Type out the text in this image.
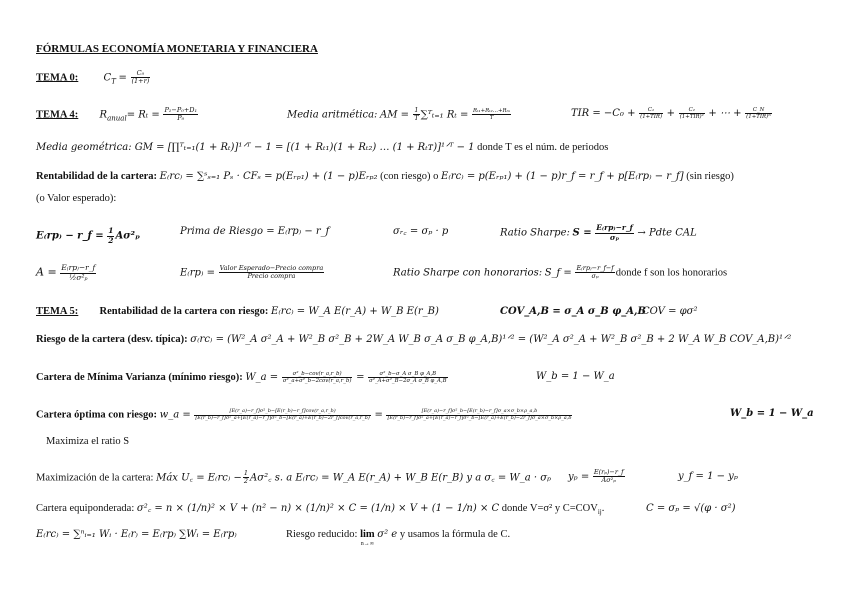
FÓRMULAS ECONOMÍA MONETARIA Y FINANCIERA
TEMA 0:	$C_T = \frac{\text{C₀}}{(1+r)}$
TEMA 4: $R_{anual}= R_t = \frac{\text{P₁−P₀+D₁}}{\text{P₀}}$	Media aritmética: AM = $\frac{1}{T}$ ∑ᵀₜ₌₁ $R_t = \frac{\text{Rₜ₁+Rₜ₂…+Rₜₙ}}{T}$	TIR = $-C_0 + \frac{\text{C₁}}{\text{(1+TIR)}} + \frac{\text{C₂}}{\text{(1+TIR)²}}$ + ⋯ + $\frac{C\_N}{\text{(1+TIR)ᴺ}}$
Media geométrica: GM = [∏ᵀₜ₌₁(1 + Rₜ)]¹ᐟᵀ − 1 = [(1 + Rₜ₁)(1 + Rₜ₂) … (1 + Rₜᴛ)]¹ᐟᵀ − 1 donde T es el núm. de periodos
Rentabilidad de la cartera: E₍rc₎ = ∑ˢₛ₌₁ Pₛ · CFₛ = p(Eᵣₚ₁) + (1 − p)Eᵣₚ₂ (con riesgo) o E₍rc₎ = p(Eᵣₚ₁) + (1 − p)r_f = r_f + p[E₍rp₎ − r_f] (sin riesgo)
(o Valor esperado):
E₍rp₎ − r_f = $\frac{1}{2} A\sigma^2_p$	Prima de Riesgo = E₍rp₎ − r_f	σᵣ꜀ = σₚ · p	Ratio Sharpe: $S = \frac{E_(rp_)-r\_f}{\text{σₚ}}$ → Pdte CAL
$A = \frac{E_(rp_)-r\_f}{\text{½σ²ₚ}}$	$E_(rp_) = \frac{\text{Valor Esperado−Precio compra}}{\text{Precio compra}}$	Ratio Sharpe con honorarios: S_f = $\frac{E_(rp_)-r\_f-f}{\text{σₚ}}$ donde f son los honorarios
TEMA 5: Rentabilidad de la cartera con riesgo: E₍rc₎ = W_A E(r_A) + W_B E(r_B)	COV_A,B = σ_A σ_B φ_A,B
COV = φσ²
Riesgo de la cartera (desv. típica): σ₍rc₎ = (W²_A σ²_A + W²_B σ²_B + 2W_A W_B σ_A σ_B φ_A,B)¹ᐟ² = (W²_A σ²_A + W²_B σ²_B + 2 W_A W_B COV_A,B)¹ᐟ²
Cartera de Mínima Varianza (mínimo riesgo): W_a = $\frac{\text{σ²\_b−cov(r\_a,r\_b)}}{\text{σ²\_a+σ²\_b−2cov(r\_a,r\_b)}} = \frac{\text{σ²\_b−σ\_A σ\_B φ\_A,B}}{\text{σ²\_A+σ²\_B−2σ\_A σ\_B φ\_A,B}}$	W_b = 1 − W_a
Cartera óptima con riesgo: w_a =	[E(r_a)−r_f]σ²_b−[E(r_b)−r_f]cov(r_a,r_b)
[E(r_b)−r_f]σ²_a+[E(r_a)−r_f]σ²_b−[E(r_a)+E(r_b)−2r_f]cov(r_a,r_b) =	[E(r_a)−r_f]σ²_b−[E(r_b)−r_f]σ_a×σ_b×ρ_a,b
[E(r_b)−r_f]σ²_a+[E(r_a)−r_f]σ²_b−[E(r_a)+E(r_b)−2r_f]σ_a×σ_b×ρ_a,b	W_b = 1 − W_a
Maximiza el ratio S
Maximización de la cartera: Máx U꜀ = $E_(rc_) - \frac{1}{2}$ Aσ²꜀ s. a E₍rc₎ = W_A E(r_A) + W_B E(r_B) y a σ꜀ = W_a · σₚ $y_p = \frac{\text{E(rₚ)−r\_f}}{\text{Aσ²ₚ}}$	y_f = 1 − yₚ
Cartera equiponderada: σ²꜀ = n × (1/n)² × V + (n² − n) × (1/n)² × C = (1/n) × V + (1 − 1/n) × C donde V=σ² y $C=COV_{ij}$.	C = σₚ = √(φ · σ²)
E₍rc₎ = ∑ⁿᵢ₌₁ Wᵢ · E₍r₎ = E₍rp₎ ∑Wᵢ = E₍rp₎	Riesgo reducido: lim
n→∞
σ² e y usamos la fórmula de C.
